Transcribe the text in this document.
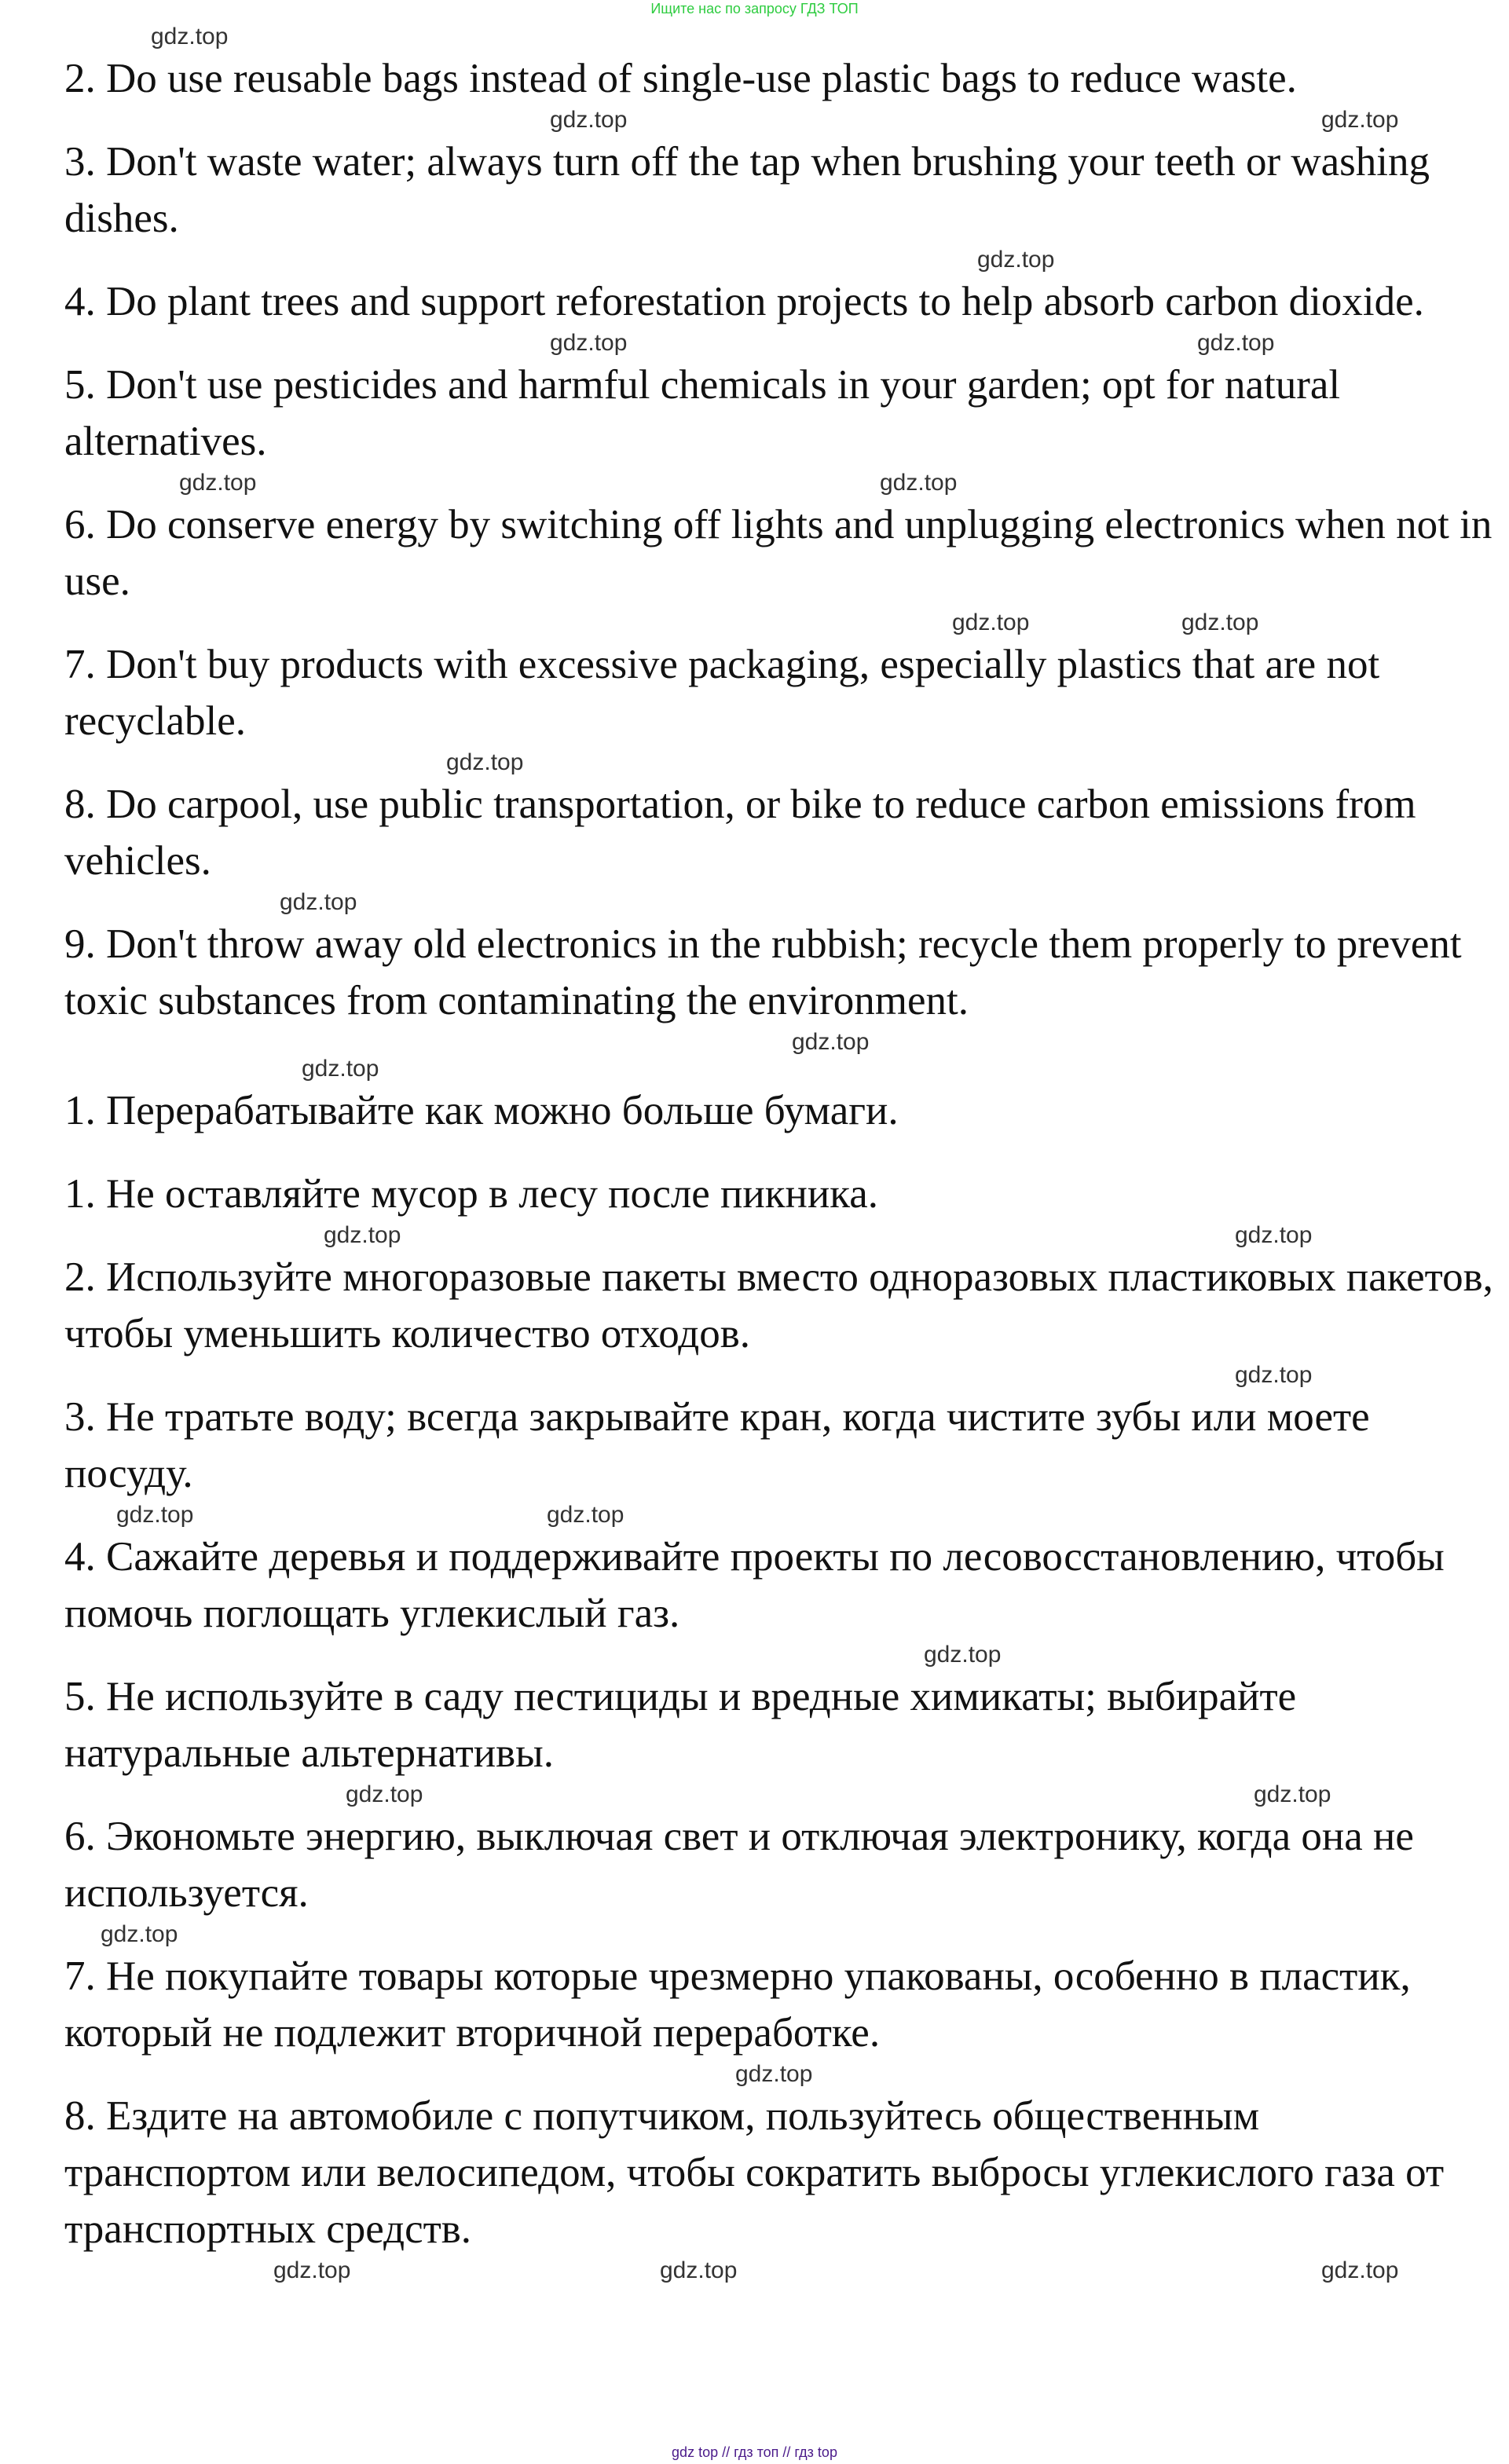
Ищите нас по запросу ГДЗ ТОП
gdz.top

2. Do use reusable bags instead of single-use plastic bags to reduce waste.

gdz.top	gdz.top

3. Don't waste water; always turn off the tap when brushing your teeth or washing dishes.

gdz.top

4. Do plant trees and support reforestation projects to help absorb carbon dioxide.

gdz.top	gdz.top

5. Don't use pesticides and harmful chemicals in your garden; opt for natural alternatives.

gdz.top	gdz.top

6. Do conserve energy by switching off lights and unplugging electronics when not in use.

gdz.top	gdz.top

7. Don't buy products with excessive packaging, especially plastics that are not recyclable.

gdz.top

8. Do carpool, use public transportation, or bike to reduce carbon emissions from vehicles.

gdz.top

9. Don't throw away old electronics in the rubbish; recycle them properly to prevent toxic substances from contaminating the environment.

gdz.top
gdz.top

1. Перерабатывайте как можно больше бумаги.

1. Не оставляйте мусор в лесу после пикника.

gdz.top	gdz.top

2. Используйте многоразовые пакеты вместо одноразовых пластиковых пакетов, чтобы уменьшить количество отходов.

gdz.top

3. Не тратьте воду; всегда закрывайте кран, когда чистите зубы или моете посуду.

gdz.top	gdz.top

4. Сажайте деревья и поддерживайте проекты по лесовосстановлению, чтобы помочь поглощать углекислый газ.

gdz.top

5. Не используйте в саду пестициды и вредные химикаты; выбирайте натуральные альтернативы.

gdz.top	gdz.top

6. Экономьте энергию, выключая свет и отключая электронику, когда она не используется.

gdz.top

7. Не покупайте товары которые чрезмерно упакованы, особенно в пластик, который не подлежит вторичной переработке.

gdz.top

8. Ездите на автомобиле с попутчиком, пользуйтесь общественным транспортом или велосипедом, чтобы сократить выбросы углекислого газа от транспортных средств.

gdz.top	gdz.top	gdz.top
gdz top // гдз топ // гдз top
